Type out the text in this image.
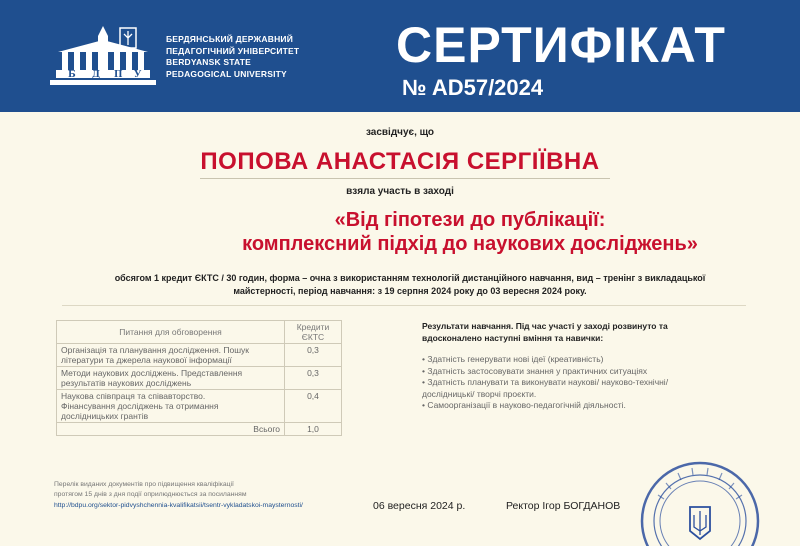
Б Д П У
БЕРДЯНСЬКИЙ ДЕРЖАВНИЙ
ПЕДАГОГІЧНИЙ УНІВЕРСИТЕТ
BERDYANSK STATE
PEDAGOGICAL UNIVERSITY
СЕРТИФІКАТ
№ AD57/2024
засвідчує, що
ПОПОВА АНАСТАСІЯ СЕРГІЇВНА
взяла участь в заході
«Від гіпотези до публікації:
комплексний підхід до наукових досліджень»
обсягом 1 кредит ЄКТС / 30 годин, форма – очна з використанням технологій дистанційного навчання, вид – тренінг з викладацької
майстерності, період навчання: з 19 серпня 2024 року до 03 вересня 2024 року.
Питання для обговорення	Кредити
ЄКТС

Організація та планування дослідження. Пошук
літератури та джерела наукової інформації	0,3

Методи наукових досліджень. Представлення
результатів наукових досліджень	0,3

Наукова співпраця та співавторство.
Фінансування досліджень та отримання
дослідницьких грантів	0,4
Всього	1,0
Результати навчання. Під час участі у заході розвинуто та
вдосконалено наступні вміння та навички:
• Здатність генерувати нові ідеї (креативність)
• Здатність застосовувати знання у практичних ситуаціях
• Здатність планувати та виконувати наукові/ науково-технічні/
дослідницькі/ творчі проєкти.
• Самоорганізації в науково-педагогічній діяльності.
Перелік виданих документів про підвищення кваліфікації
протягом 15 днів з дня події оприлюднюється за посиланням
http://bdpu.org/sektor-pidvyshchennia-kvalifikatsii/tsentr-vykladatskoi-maysternosti/	06 вересня 2024 р.	Ректор Ігор БОГДАНОВ
